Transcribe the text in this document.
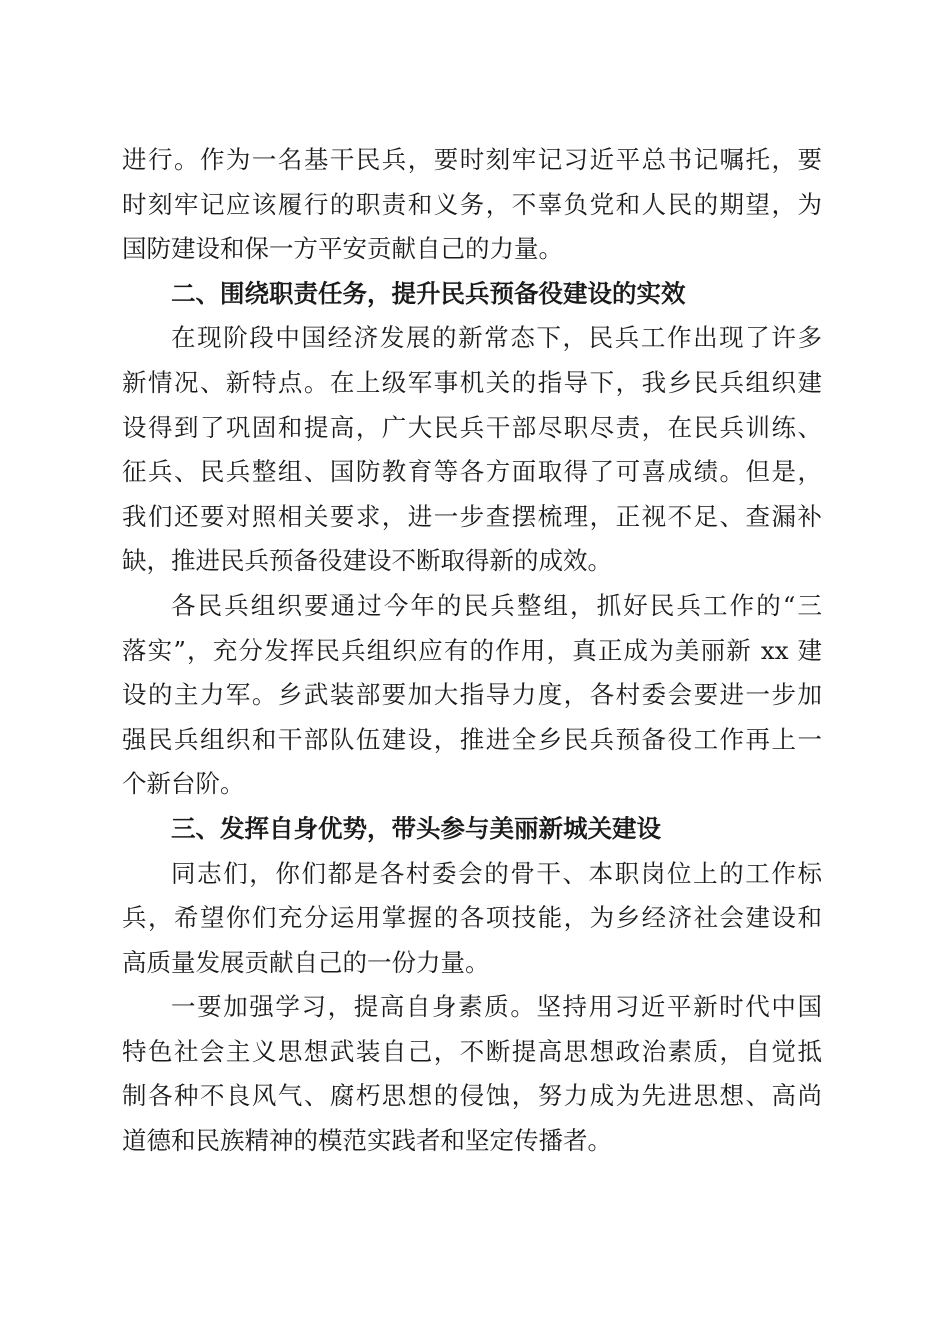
进行。作为一名基干民兵，要时刻牢记习近平总书记嘱托，要
时刻牢记应该履行的职责和义务，不辜负党和人民的期望，为
国防建设和保一方平安贡献自己的力量。
二、围绕职责任务，提升民兵预备役建设的实效
在现阶段中国经济发展的新常态下，民兵工作出现了许多
新情况、新特点。在上级军事机关的指导下，我乡民兵组织建
设得到了巩固和提高，广大民兵干部尽职尽责，在民兵训练、
征兵、民兵整组、国防教育等各方面取得了可喜成绩。但是，
我们还要对照相关要求，进一步查摆梳理，正视不足、查漏补
缺，推进民兵预备役建设不断取得新的成效。
各民兵组织要通过今年的民兵整组，抓好民兵工作的“三
落实”，充分发挥民兵组织应有的作用，真正成为美丽新 xx 建
设的主力军。乡武装部要加大指导力度，各村委会要进一步加
强民兵组织和干部队伍建设，推进全乡民兵预备役工作再上一
个新台阶。
三、发挥自身优势，带头参与美丽新城关建设
同志们，你们都是各村委会的骨干、本职岗位上的工作标
兵，希望你们充分运用掌握的各项技能，为乡经济社会建设和
高质量发展贡献自己的一份力量。
一要加强学习，提高自身素质。坚持用习近平新时代中国
特色社会主义思想武装自己，不断提高思想政治素质，自觉抵
制各种不良风气、腐朽思想的侵蚀，努力成为先进思想、高尚
道德和民族精神的模范实践者和坚定传播者。
